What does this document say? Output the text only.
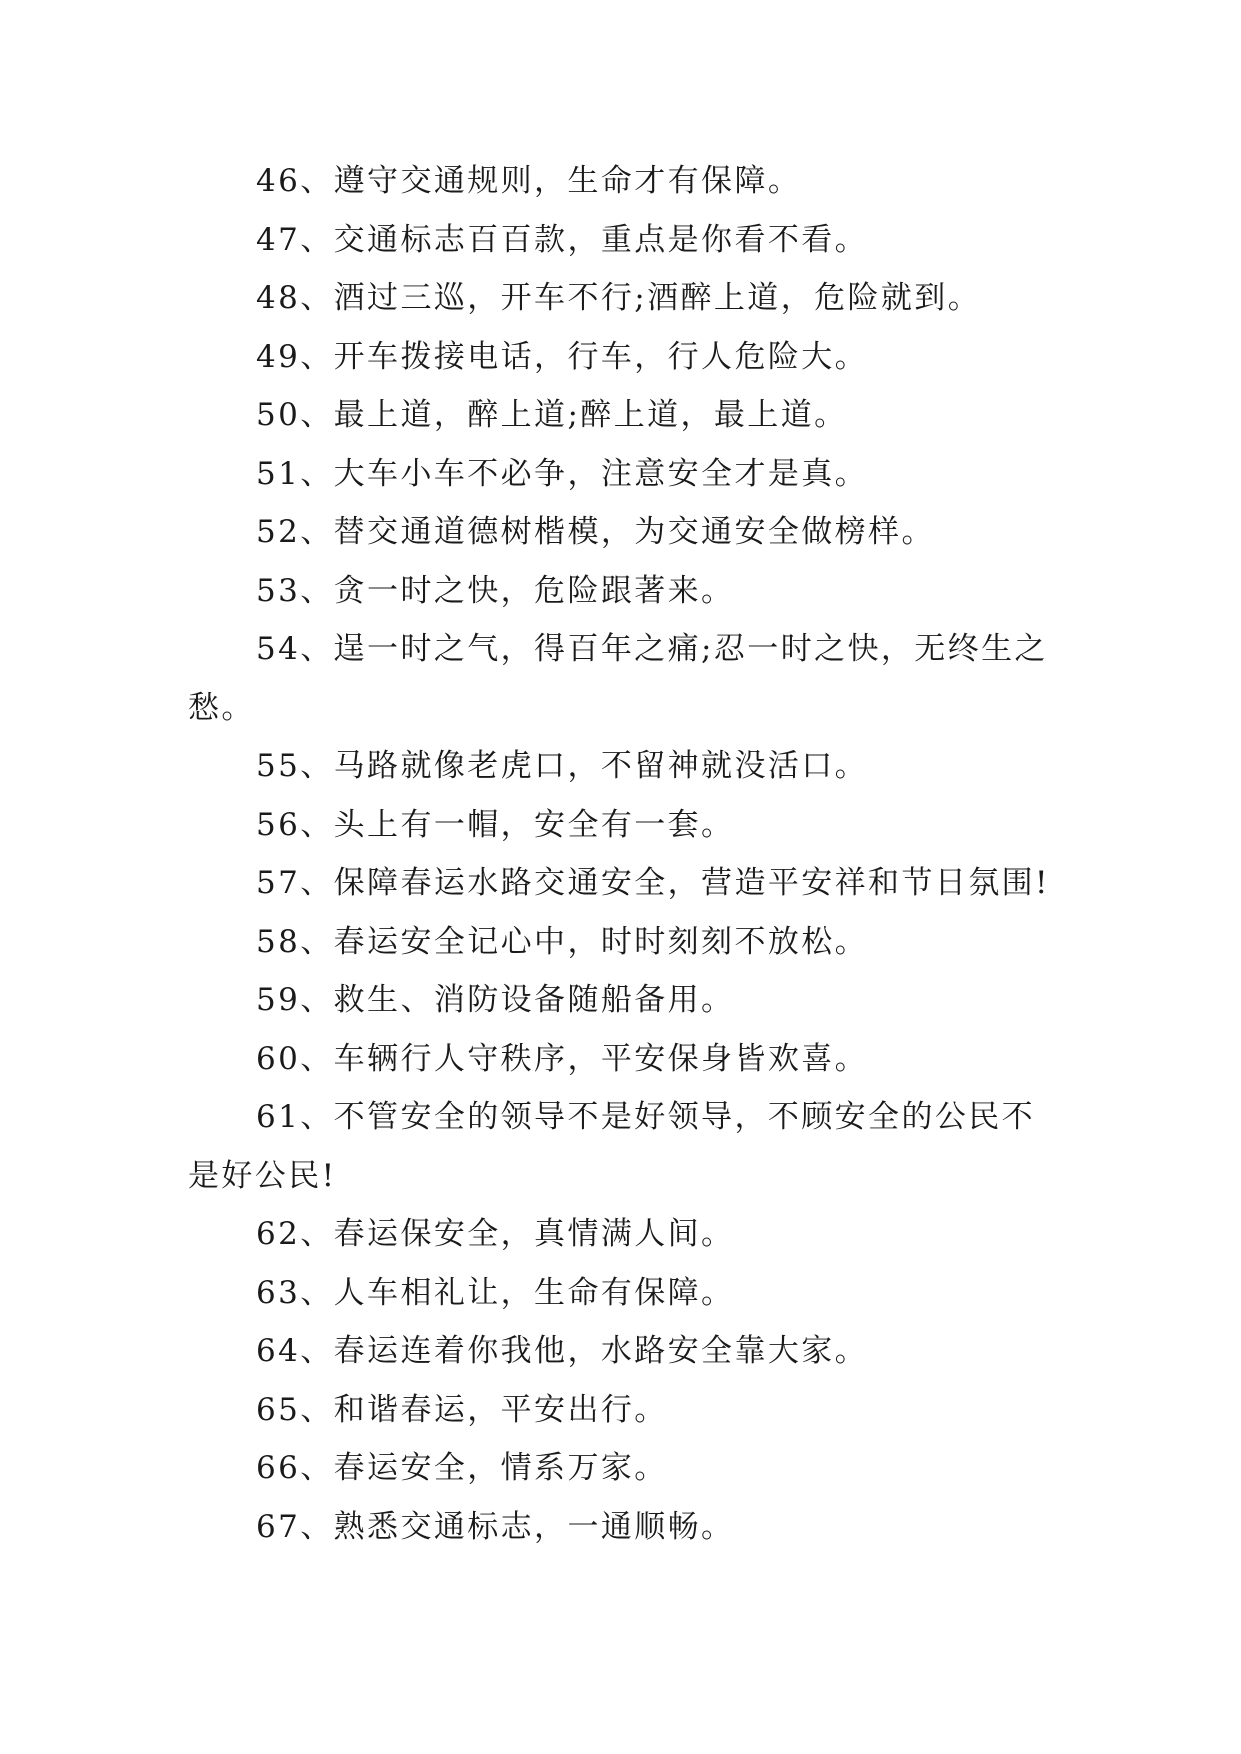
46、遵守交通规则，生命才有保障。

47、交通标志百百款，重点是你看不看。

48、酒过三巡，开车不行;酒醉上道，危险就到。

49、开车拨接电话，行车，行人危险大。

50、最上道，醉上道;醉上道，最上道。

51、大车小车不必争，注意安全才是真。

52、替交通道德树楷模，为交通安全做榜样。

53、贪一时之快，危险跟著来。

54、逞一时之气，得百年之痛;忍一时之快，无终生之愁。

55、马路就像老虎口，不留神就没活口。

56、头上有一帽，安全有一套。

57、保障春运水路交通安全，营造平安祥和节日氛围!

58、春运安全记心中，时时刻刻不放松。

59、救生、消防设备随船备用。

60、车辆行人守秩序，平安保身皆欢喜。

61、不管安全的领导不是好领导，不顾安全的公民不是好公民!

62、春运保安全，真情满人间。

63、人车相礼让，生命有保障。

64、春运连着你我他，水路安全靠大家。

65、和谐春运，平安出行。

66、春运安全，情系万家。

67、熟悉交通标志，一通顺畅。
